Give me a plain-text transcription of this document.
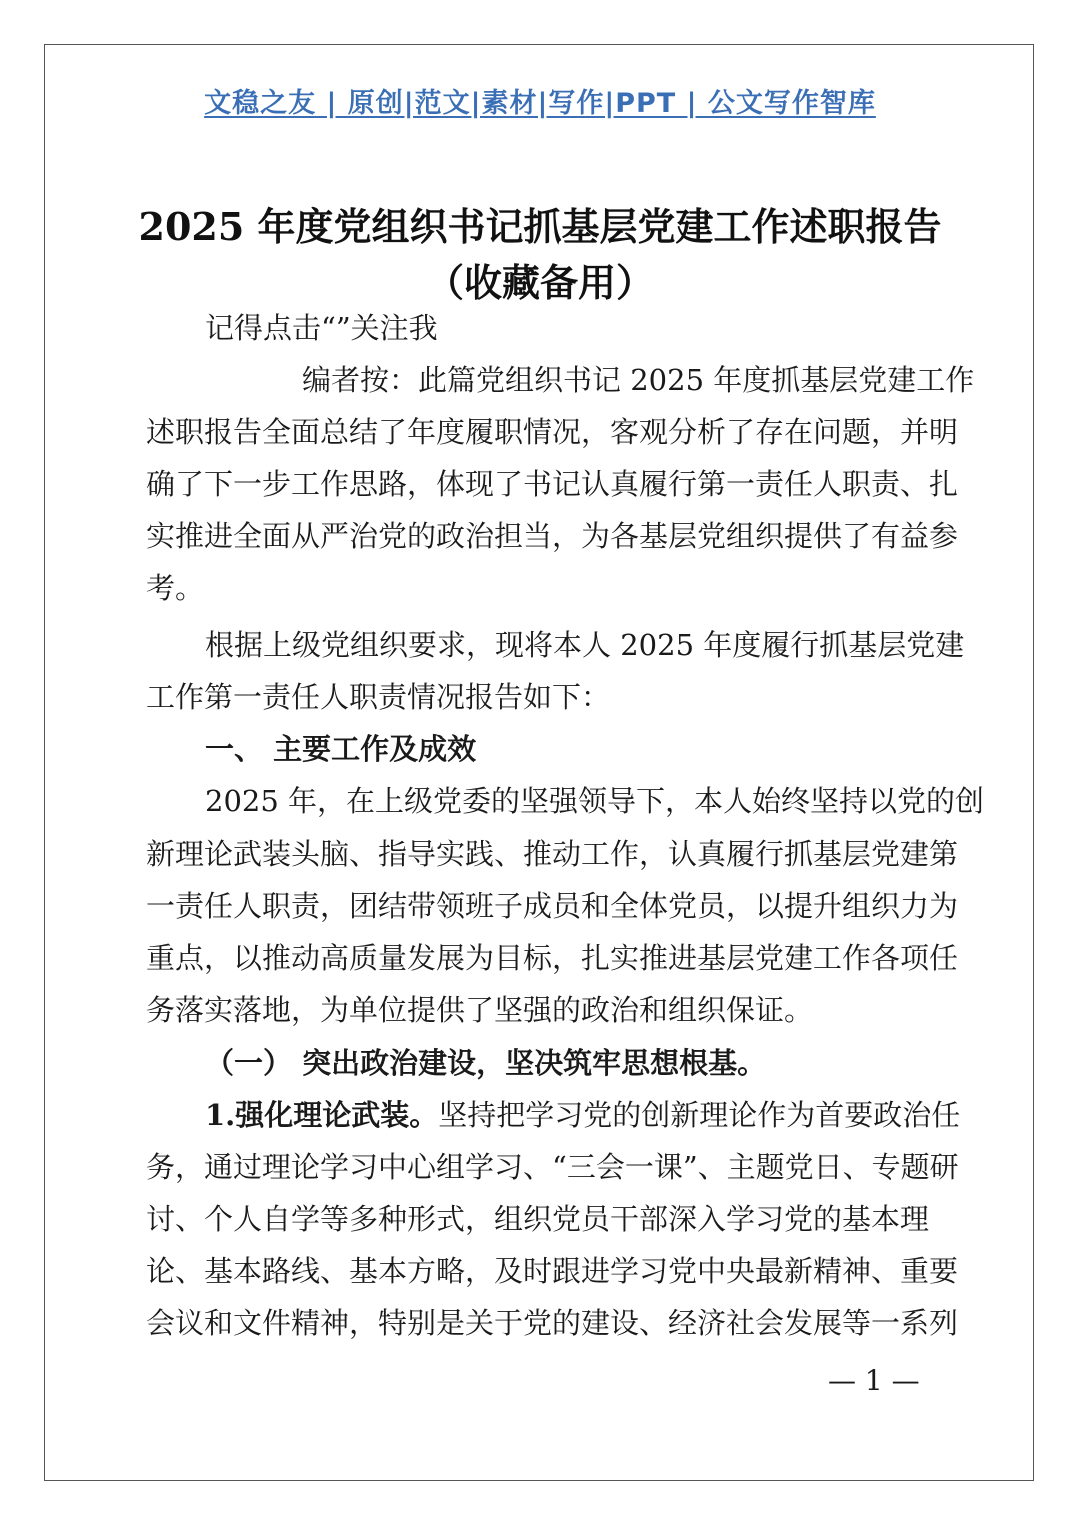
文稳之友 | 原创|范文|素材|写作|PPT | 公文写作智库
2025 年度党组织书记抓基层党建工作述职报告
（收藏备用）
记得点击“”关注我
编者按：此篇党组织书记 2025 年度抓基层党建工作
述职报告全面总结了年度履职情况，客观分析了存在问题，并明
确了下一步工作思路，体现了书记认真履行第一责任人职责、扎
实推进全面从严治党的政治担当，为各基层党组织提供了有益参
考。
根据上级党组织要求，现将本人 2025 年度履行抓基层党建
工作第一责任人职责情况报告如下：
一、 主要工作及成效
2025 年，在上级党委的坚强领导下，本人始终坚持以党的创
新理论武装头脑、指导实践、推动工作，认真履行抓基层党建第
一责任人职责，团结带领班子成员和全体党员，以提升组织力为
重点，以推动高质量发展为目标，扎实推进基层党建工作各项任
务落实落地，为单位提供了坚强的政治和组织保证。
（一） 突出政治建设，坚决筑牢思想根基。
1.强化理论武装。坚持把学习党的创新理论作为首要政治任
务，通过理论学习中心组学习、“三会一课”、主题党日、专题研
讨、个人自学等多种形式，组织党员干部深入学习党的基本理
论、基本路线、基本方略，及时跟进学习党中央最新精神、重要
会议和文件精神，特别是关于党的建设、经济社会发展等一系列
— 1 —
